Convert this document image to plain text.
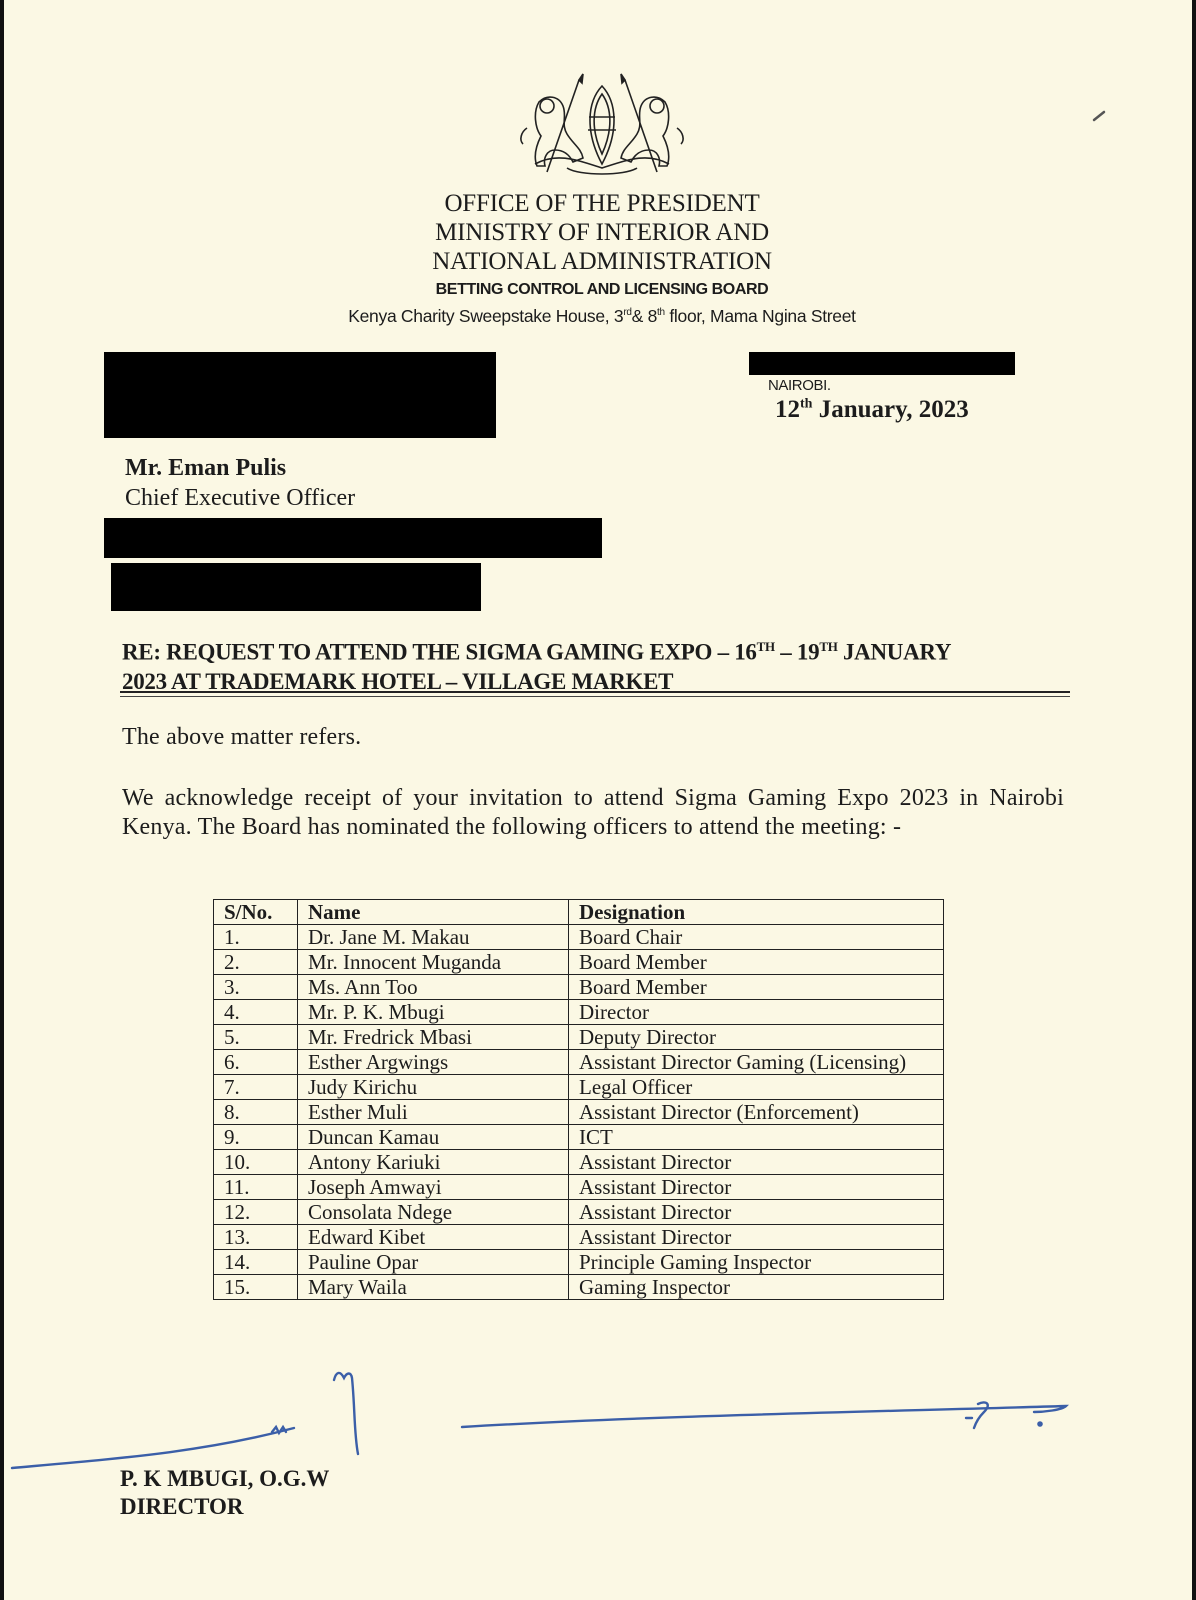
OFFICE OF THE PRESIDENT
MINISTRY OF INTERIOR AND
NATIONAL ADMINISTRATION
BETTING CONTROL AND LICENSING BOARD
Kenya Charity Sweepstake House, 3rd& 8th floor, Mama Ngina Street
NAIROBI.
12th January, 2023
Mr. Eman Pulis
Chief Executive Officer
RE: REQUEST TO ATTEND THE SIGMA GAMING EXPO – 16TH – 19TH JANUARY
2023 AT TRADEMARK HOTEL – VILLAGE MARKET
The above matter refers.
We acknowledge receipt of your invitation to attend Sigma Gaming Expo 2023 in Nairobi Kenya. The Board has nominated the following officers to attend the meeting: -
S/No.	Name	Designation
1.	Dr. Jane M. Makau	Board Chair
2.	Mr. Innocent Muganda	Board Member
3.	Ms. Ann Too	Board Member
4.	Mr. P. K. Mbugi	Director
5.	Mr. Fredrick Mbasi	Deputy Director
6.	Esther Argwings	Assistant Director Gaming (Licensing)
7.	Judy Kirichu	Legal Officer
8.	Esther Muli	Assistant Director (Enforcement)
9.	Duncan Kamau	ICT
10.	Antony Kariuki	Assistant Director
11.	Joseph Amwayi	Assistant Director
12.	Consolata Ndege	Assistant Director
13.	Edward Kibet	Assistant Director
14.	Pauline Opar	Principle Gaming Inspector
15.	Mary Waila	Gaming Inspector
P. K MBUGI, O.G.W
DIRECTOR
